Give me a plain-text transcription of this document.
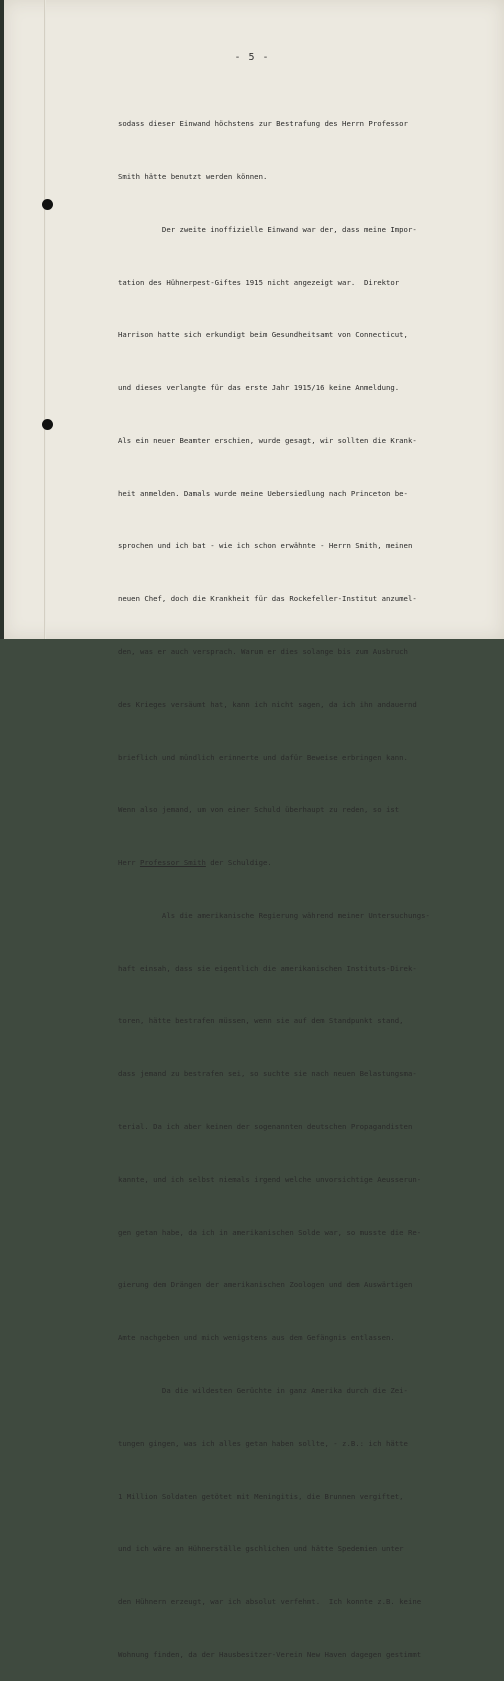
- 5 -

sodass dieser Einwand höchstens zur Bestrafung des Herrn Professor

Smith hätte benutzt werden können.

Der zweite inoffizielle Einwand war der, dass meine Impor-

tation des Hühnerpest-Giftes 1915 nicht angezeigt war.  Direktor

Harrison hatte sich erkundigt beim Gesundheitsamt von Connecticut,

und dieses verlangte für das erste Jahr 1915/16 keine Anmeldung.

Als ein neuer Beamter erschien, wurde gesagt, wir sollten die Krank-

heit anmelden. Damals wurde meine Uebersiedlung nach Princeton be-

sprochen und ich bat - wie ich schon erwähnte - Herrn Smith, meinen

neuen Chef, doch die Krankheit für das Rockefeller-Institut anzumel-

den, was er auch versprach. Warum er dies solange bis zum Ausbruch

des Krieges versäumt hat, kann ich nicht sagen, da ich ihn andauernd

brieflich und mündlich erinnerte und dafür Beweise erbringen kann.

Wenn also jemand, um von einer Schuld überhaupt zu reden, so ist

Herr Professor Smith der Schuldige.

Als die amerikanische Regierung während meiner Untersuchungs-

haft einsah, dass sie eigentlich die amerikanischen Instituts-Direk-

toren, hätte bestrafen müssen, wenn sie auf dem Standpunkt stand,

dass jemand zu bestrafen sei, so suchte sie nach neuen Belastungsma-

terial. Da ich aber keinen der sogenannten deutschen Propagandisten

kannte, und ich selbst niemals irgend welche unvorsichtige Aeusserun-

gen getan habe, da ich in amerikanischen Solde war, so musste die Re-

gierung dem Drängen der amerikanischen Zoologen und dem Auswärtigen

Amte nachgeben und mich wenigstens aus dem Gefängnis entlassen.

Da die wildesten Gerüchte in ganz Amerika durch die Zei-

tungen gingen, was ich alles getan haben sollte, - z.B.: ich hätte

1 Million Soldaten getötet mit Meningitis, die Brunnen vergiftet,

und ich wäre an Hühnerställe gschlichen und hätte Spedemien unter

den Hühnern erzeugt, war ich absolut verfehmt.  Ich konnte z.B. keine

Wohnung finden, da der Hausbesitzer-Verein New Haven dagegen gestimmt
